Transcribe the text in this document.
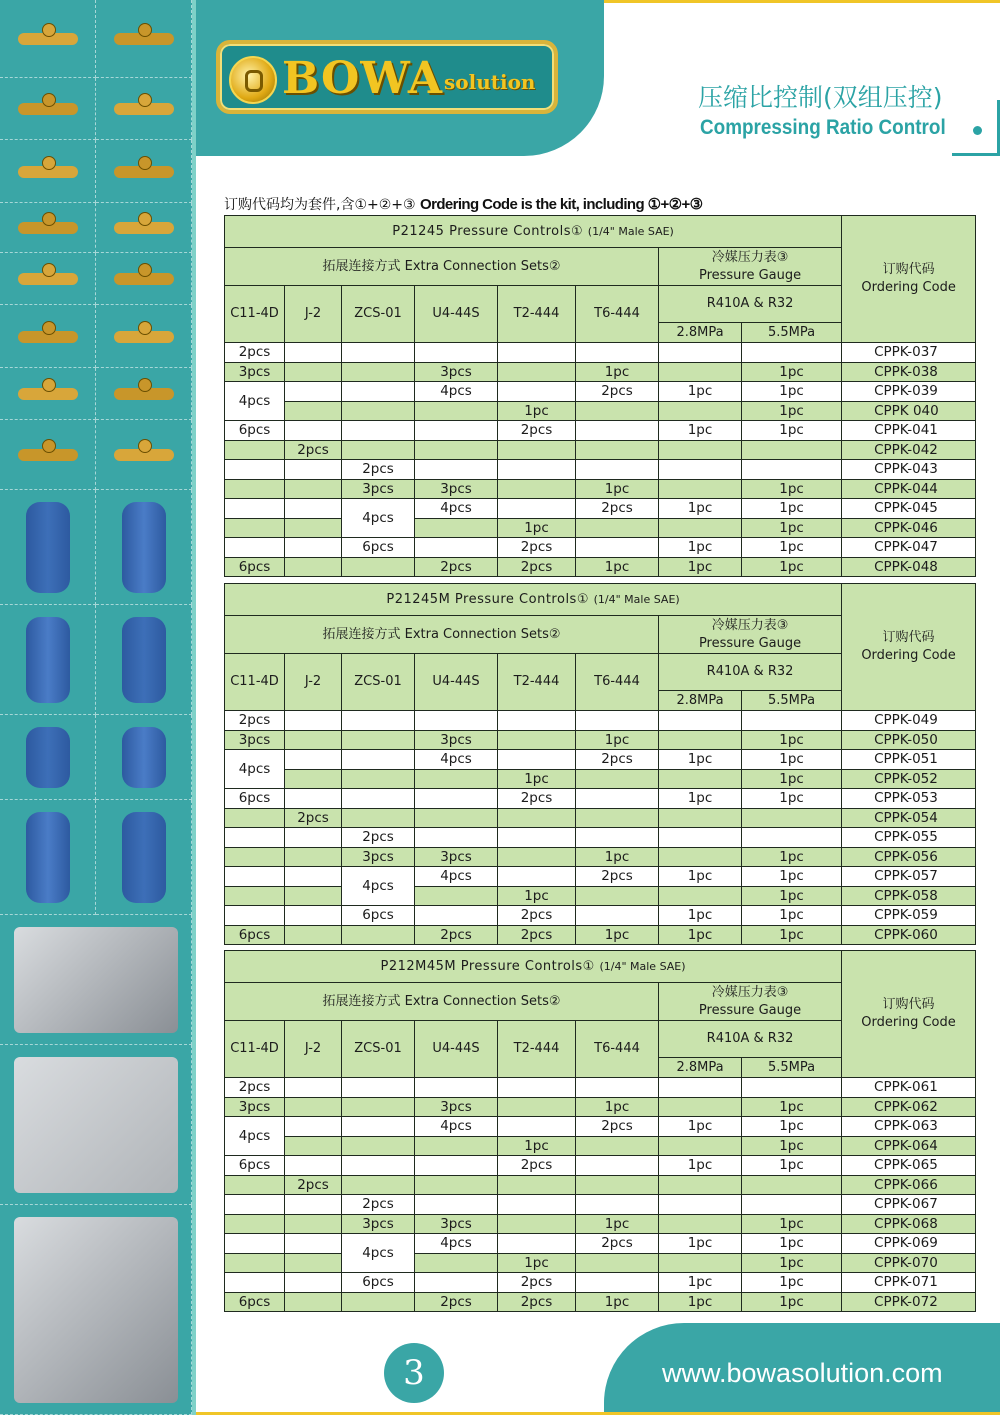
BOWA solution
压缩比控制(双组压控)
Compressing Ratio Control
订购代码均为套件,含①+②+③ Ordering Code is the kit, including ①+②+③
P21245 Pressure Controls① (1/4" Male SAE)								订购代码
Ordering Code

拓展连接方式 Extra Connection Sets②						冷媒压力表③
Pressure Gauge		

C11-4D	J-2	ZCS-01	U4-44S	T2-444	T6-444	R410A & R32		
						2.8MPa	5.5MPa	
2pcs								CPPK-037
3pcs			3pcs		1pc		1pc	CPPK-038
4pcs			4pcs		2pcs	1pc	1pc	CPPK-039
				1pc			1pc	CPPK 040
6pcs				2pcs		1pc	1pc	CPPK-041
	2pcs							CPPK-042
		2pcs						CPPK-043
		3pcs	3pcs		1pc		1pc	CPPK-044
		4pcs	4pcs		2pcs	1pc	1pc	CPPK-045
				1pc			1pc	CPPK-046
		6pcs		2pcs		1pc	1pc	CPPK-047
6pcs			2pcs	2pcs	1pc	1pc	1pc	CPPK-048
P21245M Pressure Controls① (1/4" Male SAE)								订购代码
Ordering Code

拓展连接方式 Extra Connection Sets②						冷媒压力表③
Pressure Gauge		

C11-4D	J-2	ZCS-01	U4-44S	T2-444	T6-444	R410A & R32		
						2.8MPa	5.5MPa	
2pcs								CPPK-049
3pcs			3pcs		1pc		1pc	CPPK-050
4pcs			4pcs		2pcs	1pc	1pc	CPPK-051
				1pc			1pc	CPPK-052
6pcs				2pcs		1pc	1pc	CPPK-053
	2pcs							CPPK-054
		2pcs						CPPK-055
		3pcs	3pcs		1pc		1pc	CPPK-056
		4pcs	4pcs		2pcs	1pc	1pc	CPPK-057
				1pc			1pc	CPPK-058
		6pcs		2pcs		1pc	1pc	CPPK-059
6pcs			2pcs	2pcs	1pc	1pc	1pc	CPPK-060
P212M45M Pressure Controls① (1/4" Male SAE)								订购代码
Ordering Code

拓展连接方式 Extra Connection Sets②						冷媒压力表③
Pressure Gauge		

C11-4D	J-2	ZCS-01	U4-44S	T2-444	T6-444	R410A & R32		
						2.8MPa	5.5MPa	
2pcs								CPPK-061
3pcs			3pcs		1pc		1pc	CPPK-062
4pcs			4pcs		2pcs	1pc	1pc	CPPK-063
				1pc			1pc	CPPK-064
6pcs				2pcs		1pc	1pc	CPPK-065
	2pcs							CPPK-066
		2pcs						CPPK-067
		3pcs	3pcs		1pc		1pc	CPPK-068
		4pcs	4pcs		2pcs	1pc	1pc	CPPK-069
				1pc			1pc	CPPK-070
		6pcs		2pcs		1pc	1pc	CPPK-071
6pcs			2pcs	2pcs	1pc	1pc	1pc	CPPK-072
3	www.bowasolution.com
